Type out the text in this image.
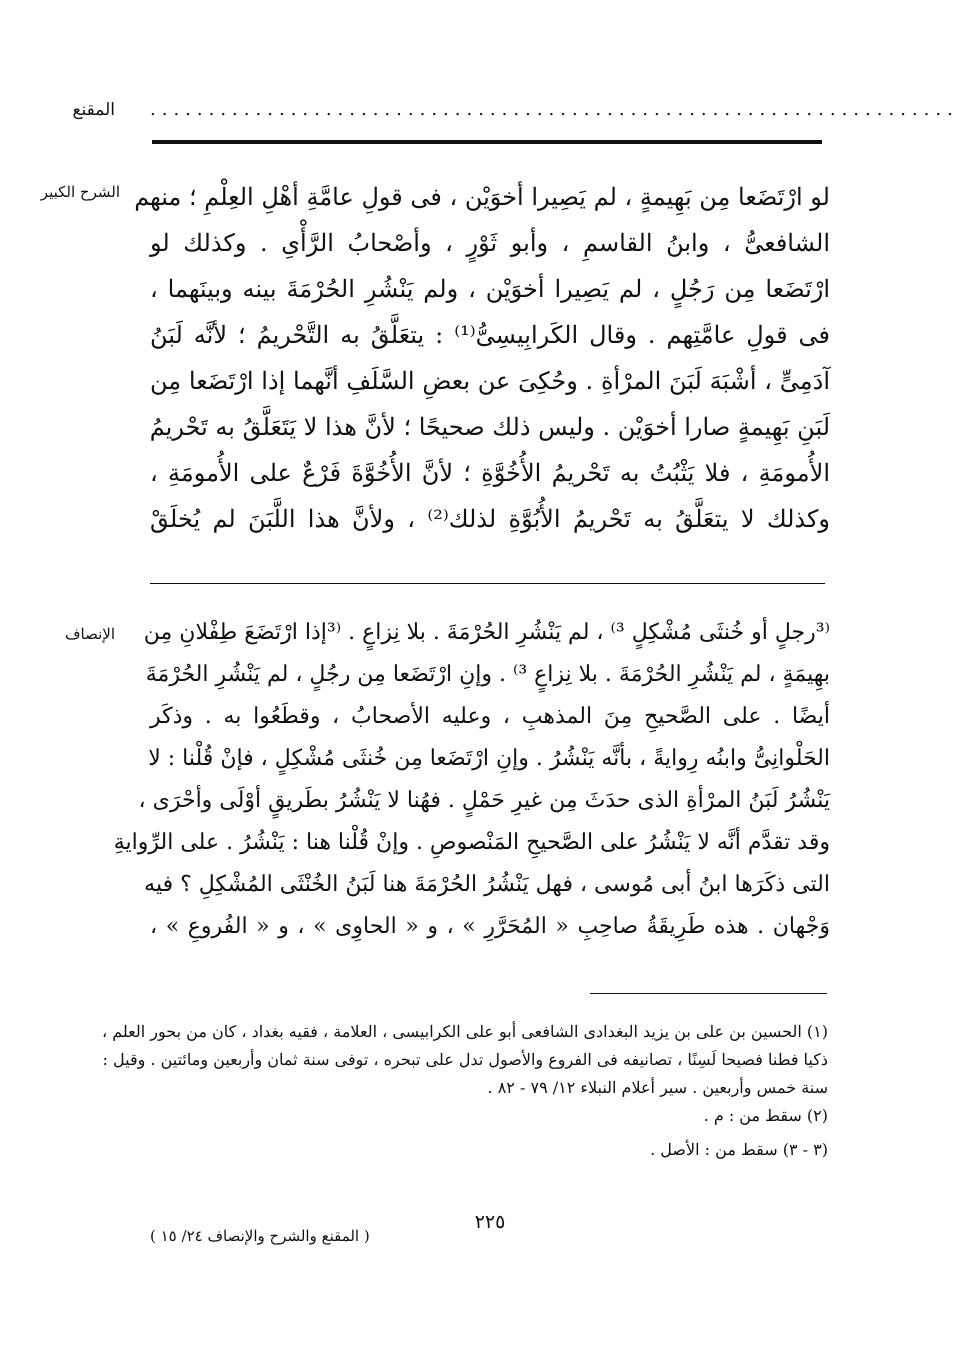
المقنع .....................................................................
الشرح الكبير لو ارْتَضَعا مِن بَهِيمةٍ ، لم يَصِيرا أخوَيْن ، فى قولِ عامَّةِ أهْلِ العِلْمِ ؛ منهم
الشافعىُّ ، وابنُ القاسمِ ، وأبو ثَوْرٍ ، وأصْحابُ الرَّأْىِ . وكذلك لو
ارْتَضَعا مِن رَجُلٍ ، لم يَصِيرا أخوَيْن ، ولم يَنْشُرِ الحُرْمَةَ بينه وبينَهما ،
فى قولِ عامَّتِهم . وقال الكَرابِيسِىُّ⁽¹⁾ : يتعَلَّقُ به التَّحْريمُ ؛ لأنَّه لَبَنُ
آدَمِىٍّ ، أشْبَهَ لَبَنَ المرْأةِ . وحُكِىَ عن بعضِ السَّلَفِ أنَّهما إذا ارْتَضَعا مِن
لَبَنِ بَهِيمةٍ صارا أخوَيْن . وليس ذلك صحيحًا ؛ لأنَّ هذا لا يَتَعَلَّقُ به تَحْريمُ
الأُمومَةِ ، فلا يَثْبُتُ به تَحْريمُ الأُخُوَّةِ ؛ لأنَّ الأُخُوَّةَ فَرْعٌ على الأُمومَةِ ،
وكذلك لا يتعَلَّقُ به تَحْريمُ الأُبُوَّةِ لذلك⁽²⁾ ، ولأنَّ هذا اللَّبَنَ لم يُخلَقْ
الإنصاف ⁽³رجلٍ أو خُنثَى مُشْكِلٍ ³⁾ ، لم يَنْشُرِ الحُرْمَةَ . بلا نِزاعٍ . ⁽³إذا ارْتَضَعَ طِفْلانِ مِن
بهِيمَةٍ ، لم يَنْشُرِ الحُرْمَةَ . بلا نِزاعٍ ³⁾ . وإنِ ارْتَضَعا مِن رجُلٍ ، لم يَنْشُرِ الحُرْمَةَ
أيضًا . على الصَّحيحِ مِنَ المذهبِ ، وعليه الأصحابُ ، وقطَعُوا به . وذكَر
الحَلْوانِىُّ وابنُه رِوايةً ، بأنَّه يَنْشُرُ . وإنِ ارْتَضَعا مِن خُنثَى مُشْكِلٍ ، فإنْ قُلْنا : لا
يَنْشُرُ لَبَنُ المرْأةِ الذى حدَثَ مِن غيرِ حَمْلٍ . فهُنا لا يَنْشُرُ بطَريقٍ أوْلَى وأحْرَى ،
وقد تقدَّم أنَّه لا يَنْشُرُ على الصَّحيحِ المَنْصوصِ . وإنْ قُلْنا هنا : يَنْشُرُ . على الرِّوايةِ
التى ذكَرَها ابنُ أبى مُوسى ، فهل يَنْشُرُ الحُرْمَةَ هنا لَبَنُ الخُنْثَى المُشْكِلِ ؟ فيه
وَجْهان . هذه طَرِيقَةُ صاحِبِ « المُحَرَّرِ » ، و « الحاوِى » ، و « الفُروعِ » ،
(١) الحسين بن على بن يزيد البغدادى الشافعى أبو على الكرابيسى ، العلامة ، فقيه بغداد ، كان من بحور العلم ،
ذكيا فطنا فصيحا لَسِنًا ، تصانيفه فى الفروع والأصول تدل على تبحره ، توفى سنة ثمان وأربعين ومائتين . وقيل :
سنة خمس وأربعين . سير أعلام النبلاء ١٢/ ٧٩ - ٨٢ .
(٢) سقط من : م .
(٣ - ٣) سقط من : الأصل .
٢٢٥
( المقنع والشرح والإنصاف ٢٤/ ١٥ )
